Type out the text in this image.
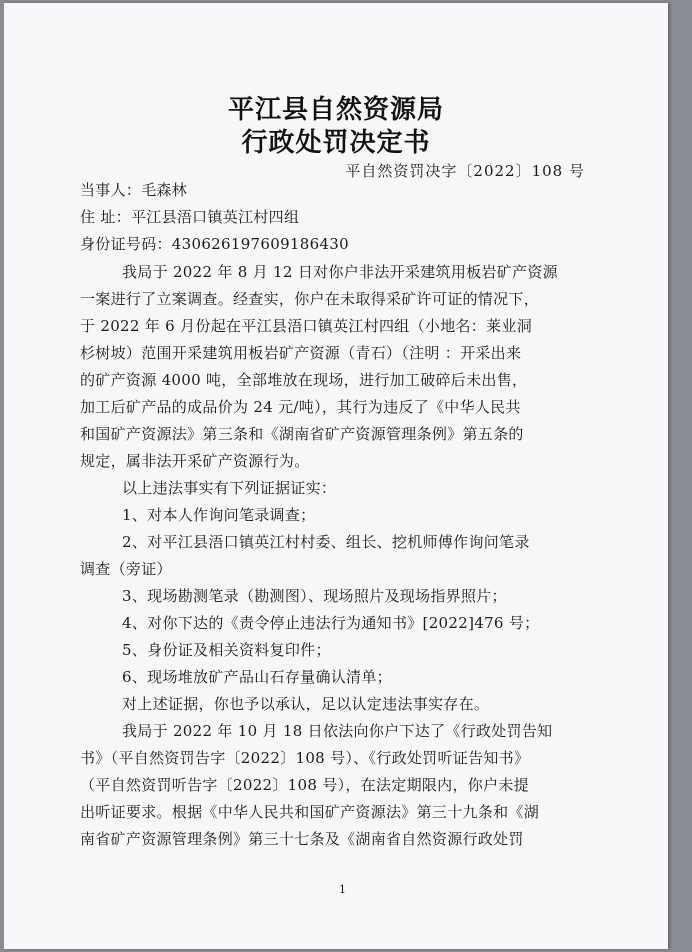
平江县自然资源局
行政处罚决定书
平自然资罚决字〔2022〕108 号
当事人：毛森林
住 址：平江县浯口镇英江村四组
身份证号码：430626197609186430
我局于 2022 年 8 月 12 日对你户非法开采建筑用板岩矿产资源
一案进行了立案调查。经查实，你户在未取得采矿许可证的情况下，
于 2022 年 6 月份起在平江县浯口镇英江村四组（小地名：莱业洞
杉树坡）范围开采建筑用板岩矿产资源（青石）（注明 ：开采出来
的矿产资源 4000 吨，全部堆放在现场，进行加工破碎后未出售，
加工后矿产品的成品价为 24 元/吨），其行为违反了《中华人民共
和国矿产资源法》第三条和《湖南省矿产资源管理条例》第五条的
规定，属非法开采矿产资源行为。
以上违法事实有下列证据证实：
1、对本人作询问笔录调查；
2、对平江县浯口镇英江村村委、组长、挖机师傅作询问笔录
调查（旁证）
3、现场勘测笔录（勘测图）、现场照片及现场指界照片；
4、对你下达的《责令停止违法行为通知书》[2022]476 号；
5、身份证及相关资料复印件；
6、现场堆放矿产品山石存量确认清单；
对上述证据，你也予以承认，足以认定违法事实存在。
我局于 2022 年 10 月 18 日依法向你户下达了《行政处罚告知
书》（平自然资罚告字〔2022〕108 号）、《行政处罚听证告知书》
（平自然资罚听告字〔2022〕108 号），在法定期限内，你户未提
出听证要求。根据《中华人民共和国矿产资源法》第三十九条和《湖
南省矿产资源管理条例》第三十七条及《湖南省自然资源行政处罚
1
